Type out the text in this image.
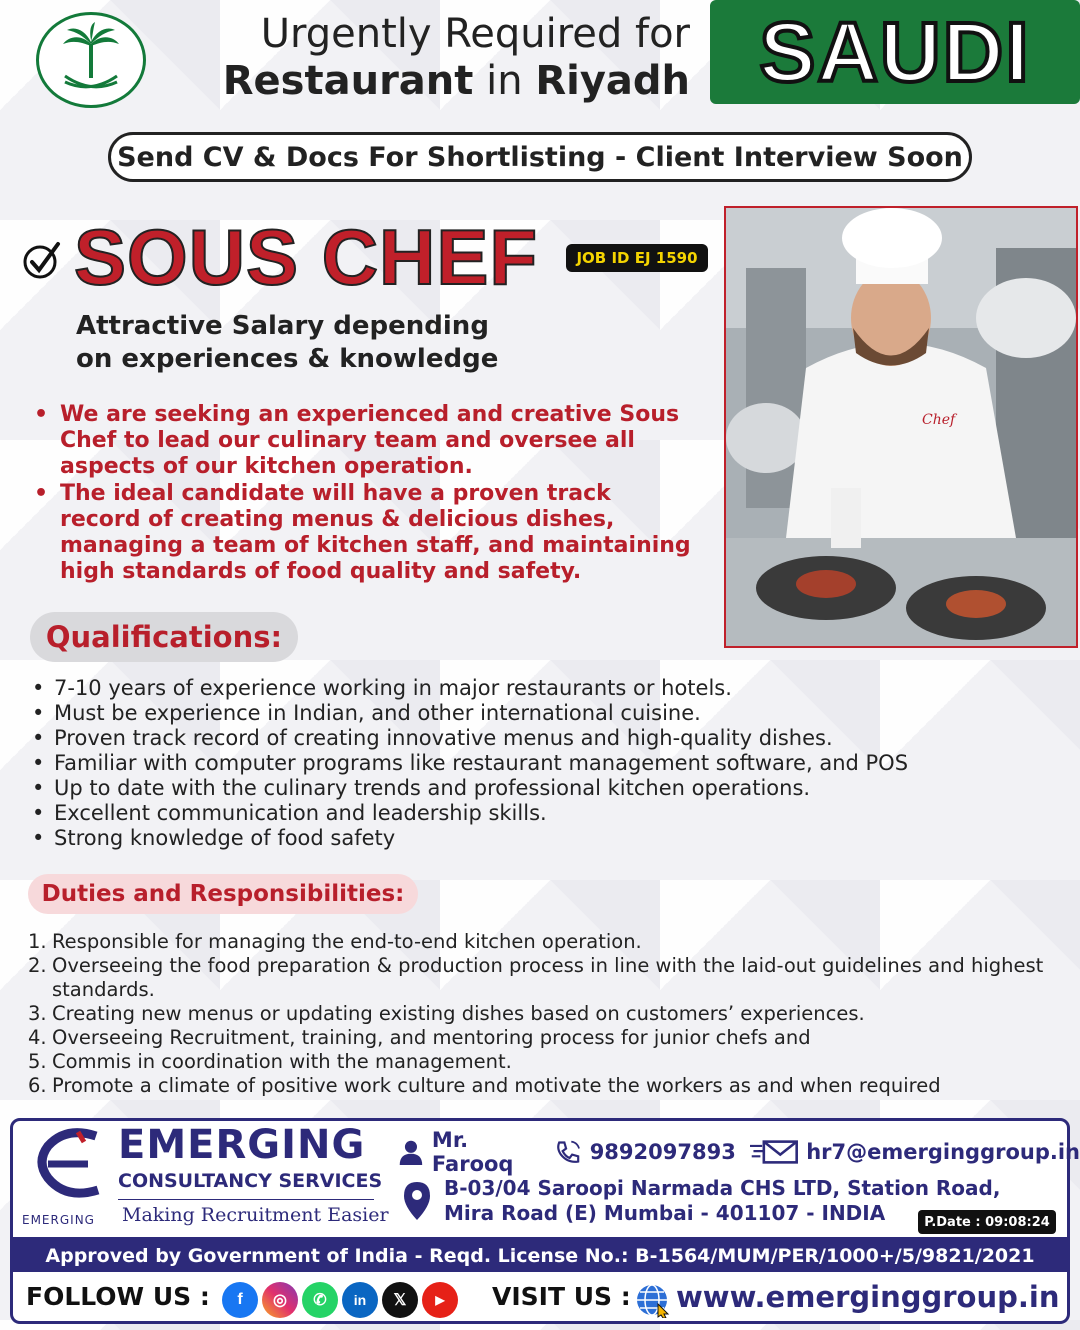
Urgently Required for
Restaurant in Riyadh SAUDI
Send CV & Docs For Shortlisting - Client Interview Soon
SOUS CHEF	JOB ID EJ 1590
Attractive Salary depending
on experiences & knowledge
• We are seeking an experienced and creative Sous Chef to lead our culinary team and oversee all aspects of our kitchen operation.
• The ideal candidate will have a proven track record of creating menus & delicious dishes, managing a team of kitchen staff, and maintaining high standards of food quality and safety.
Chef
Qualifications:
• 7-10 years of experience working in major restaurants or hotels.
• Must be experience in Indian, and other international cuisine.
• Proven track record of creating innovative menus and high-quality dishes.
• Familiar with computer programs like restaurant management software, and POS
• Up to date with the culinary trends and professional kitchen operations.
• Excellent communication and leadership skills.
• Strong knowledge of food safety
Duties and Responsibilities:
1. Responsible for managing the end-to-end kitchen operation.
2. Overseeing the food preparation & production process in line with the laid-out guidelines and highest standards.
3. Creating new menus or updating existing dishes based on customers’ experiences.
4. Overseeing Recruitment, training, and mentoring process for junior chefs and
5. Commis in coordination with the management.
6. Promote a climate of positive work culture and motivate the workers as and when required
EMERGING
EMERGING
CONSULTANCY SERVICES
Making Recruitment Easier
Mr. Farooq	9892097893	hr7@emerginggroup.in
B-03/04 Saroopi Narmada CHS LTD, Station Road,
Mira Road (E) Mumbai - 401107 - INDIA	P.Date : 09:08:24
Approved by Government of India - Reqd. License No.: B-1564/MUM/PER/1000+/5/9821/2021
FOLLOW US :	f	◎	✆	in	𝕏	▶	VISIT US : www.emerginggroup.in
